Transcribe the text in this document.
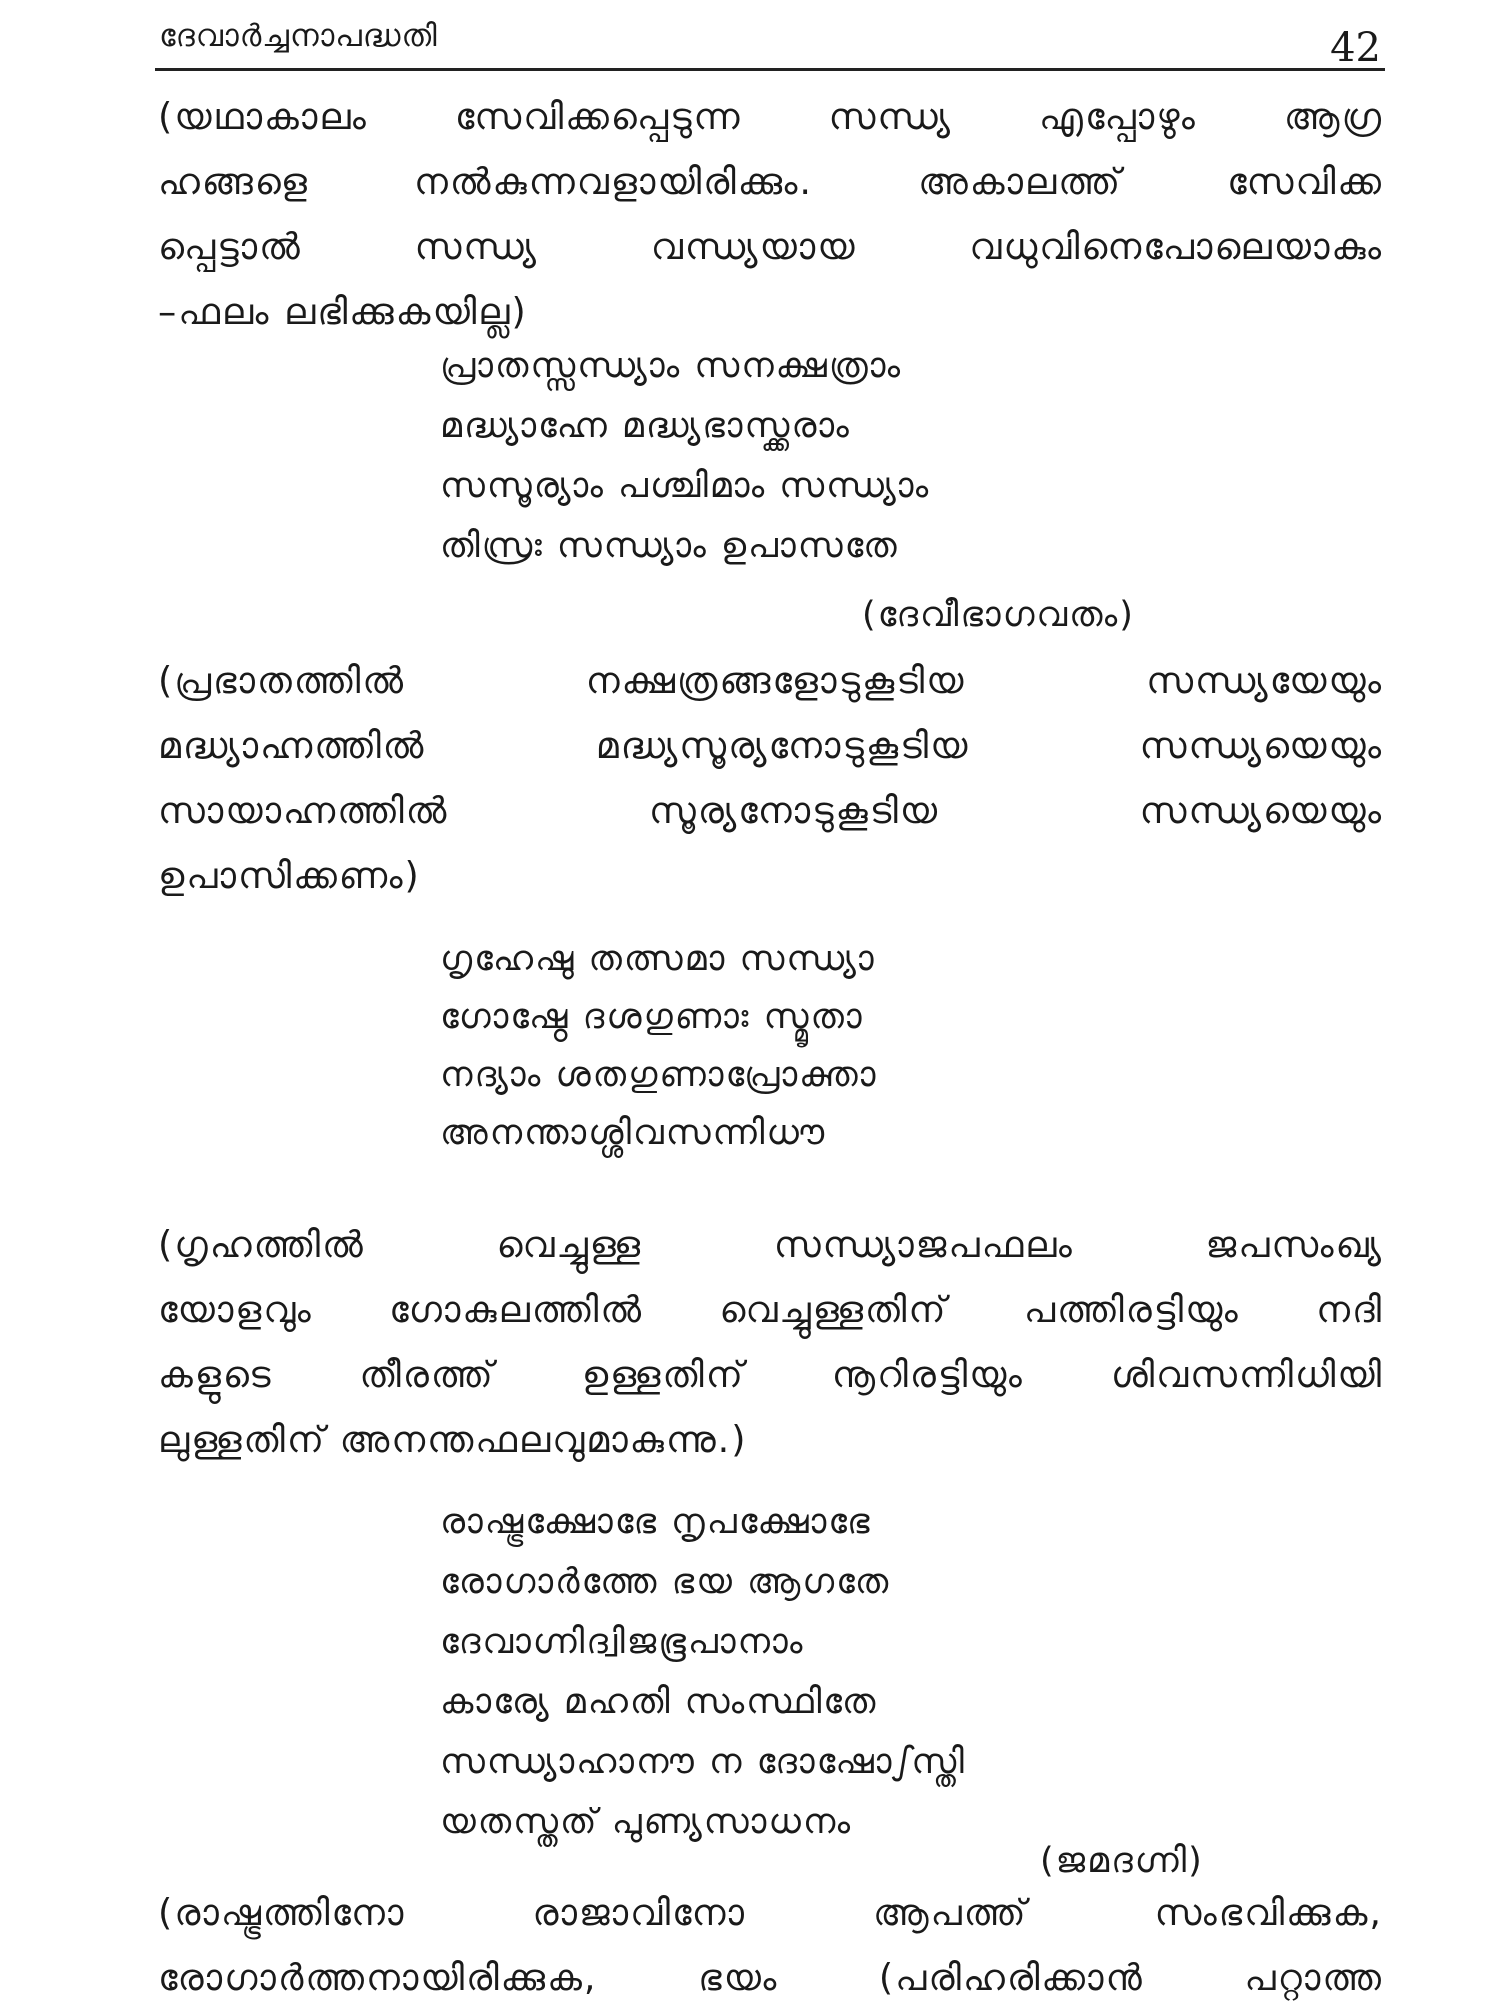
ദേവാർച്ചനാപദ്ധതി	42
(യഥാകാലം സേവിക്കപ്പെടുന്ന സന്ധ്യ എപ്പോഴും ആഗ്ര
ഹങ്ങളെ നൽകുന്നവളായിരിക്കും. അകാലത്ത് സേവിക്ക
പ്പെട്ടാൽ സന്ധ്യ വന്ധ്യയായ വധുവിനെപോലെയാകും
–ഫലം ലഭിക്കുകയില്ല)
പ്രാതസ്സന്ധ്യാം സനക്ഷത്രാം
മദ്ധ്യാഹ്നേ മദ്ധ്യഭാസ്ക്കരാം
സസൂര്യാം പശ്ചിമാം സന്ധ്യാം
തിസ്രഃ സന്ധ്യാം ഉപാസതേ
(ദേവീഭാഗവതം)
(പ്രഭാതത്തിൽ നക്ഷത്രങ്ങളോടുകൂടിയ സന്ധ്യയേയും
മദ്ധ്യാഹ്നത്തിൽ മദ്ധ്യസൂര്യനോടുകൂടിയ സന്ധ്യയെയും
സായാഹ്നത്തിൽ സൂര്യനോടുകൂടിയ സന്ധ്യയെയും
ഉപാസിക്കണം)
ഗൃഹേഷു തത്സമാ സന്ധ്യാ
ഗോഷ്ഠേ ദശഗുണാഃ സ്മൃതാ
നദ്യാം ശതഗുണാപ്രോക്താ
അനന്താശ്ശിവസന്നിധൗ
(ഗൃഹത്തിൽ വെച്ചുള്ള സന്ധ്യാജപഫലം ജപസംഖ്യ
യോളവും ഗോകുലത്തിൽ വെച്ചുള്ളതിന് പത്തിരട്ടിയും നദി
കളുടെ തീരത്ത് ഉള്ളതിന് നൂറിരട്ടിയും ശിവസന്നിധിയി
ലുള്ളതിന് അനന്തഫലവുമാകുന്നു.)
രാഷ്ട്രക്ഷോഭേ നൃപക്ഷോഭേ
രോഗാർത്തേ ഭയ ആഗതേ
ദേവാഗ്നിദ്വിജഭൂപാനാം
കാര്യേ മഹതി സംസ്ഥിതേ
സന്ധ്യാഹാനൗ ന ദോഷോഽസ്തി
യതസ്തത് പുണ്യസാധനം
(ജമദഗ്നി)
(രാഷ്ട്രത്തിനോ രാജാവിനോ ആപത്ത് സംഭവിക്കുക,
രോഗാർത്തനായിരിക്കുക, ഭയം (പരിഹരിക്കാൻ പറ്റാത്ത
